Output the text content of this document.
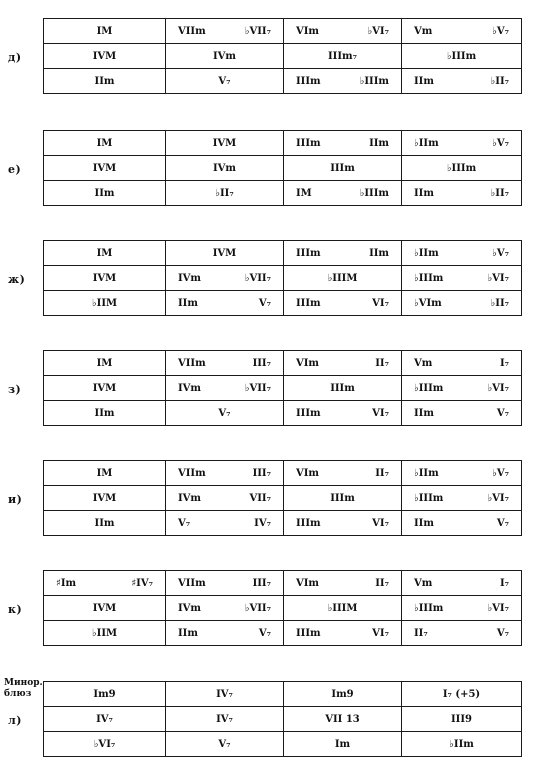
д)
IM	VIIm ♭VII₇	VIm ♭VI₇	Vm ♭V₇

IVM	IVm	IIIm₇	♭IIIm
IIm	V₇	IIIm ♭IIIm	IIm ♭II₇
е)
IM	IVM	IIIm IIm	♭IIm ♭V₇

IVM	IVm	IIIm	♭IIIm
IIm	♭II₇	IM ♭IIIm	IIm ♭II₇
ж)
IM	IVM	IIIm IIm	♭IIm ♭V₇

IVM	IVm ♭VII₇	♭IIIM	♭IIIm ♭VI₇

♭IIM	IIm V₇	IIIm VI₇	♭VIm ♭II₇
з)
IM	VIIm III₇	VIm II₇	Vm I₇

IVM	IVm ♭VII₇	IIIm	♭IIIm ♭VI₇

IIm	V₇	IIIm VI₇	IIm V₇
и)
IM	VIIm III₇	VIm II₇	♭IIm ♭V₇

IVM	IVm VII₇	IIIm	♭IIIm ♭VI₇

IIm	V₇ IV₇	IIIm VI₇	IIm V₇
к)
♯Im ♯IV₇	VIIm III₇	VIm II₇	Vm I₇

IVM	IVm ♭VII₇	♭IIIM	♭IIIm ♭VI₇

♭IIM	IIm V₇	IIIm VI₇	II₇ V₇
Минор. блюз
л)
Im9	IV₇	Im9	I₇ (+5)
IV₇	IV₇	VII 13	III9
♭VI₇	V₇	Im	♭IIm
